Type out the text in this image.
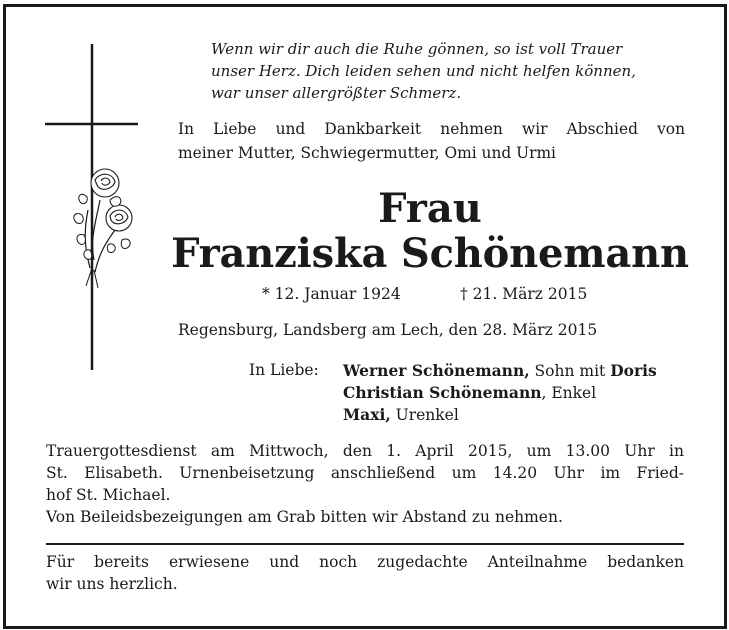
Wenn wir dir auch die Ruhe gönnen, so ist voll Trauer
unser Herz. Dich leiden sehen und nicht helfen können,
war unser allergrößter Schmerz.
In Liebe und Dankbarkeit nehmen wir Abschied von
meiner Mutter, Schwiegermutter, Omi und Urmi
Frau
Franziska Schönemann
* 12. Januar 1924	† 21. März 2015
Regensburg, Landsberg am Lech, den 28. März 2015
In Liebe: Werner Schönemann, Sohn mit Doris
Christian Schönemann, Enkel
Maxi, Urenkel
Trauergottesdienst am Mittwoch, den 1. April 2015, um 13.00 Uhr in
St. Elisabeth. Urnenbeisetzung anschließend um 14.20 Uhr im Fried-
hof St. Michael.
Von Beileidsbezeigungen am Grab bitten wir Abstand zu nehmen.
Für bereits erwiesene und noch zugedachte Anteilnahme bedanken
wir uns herzlich.
